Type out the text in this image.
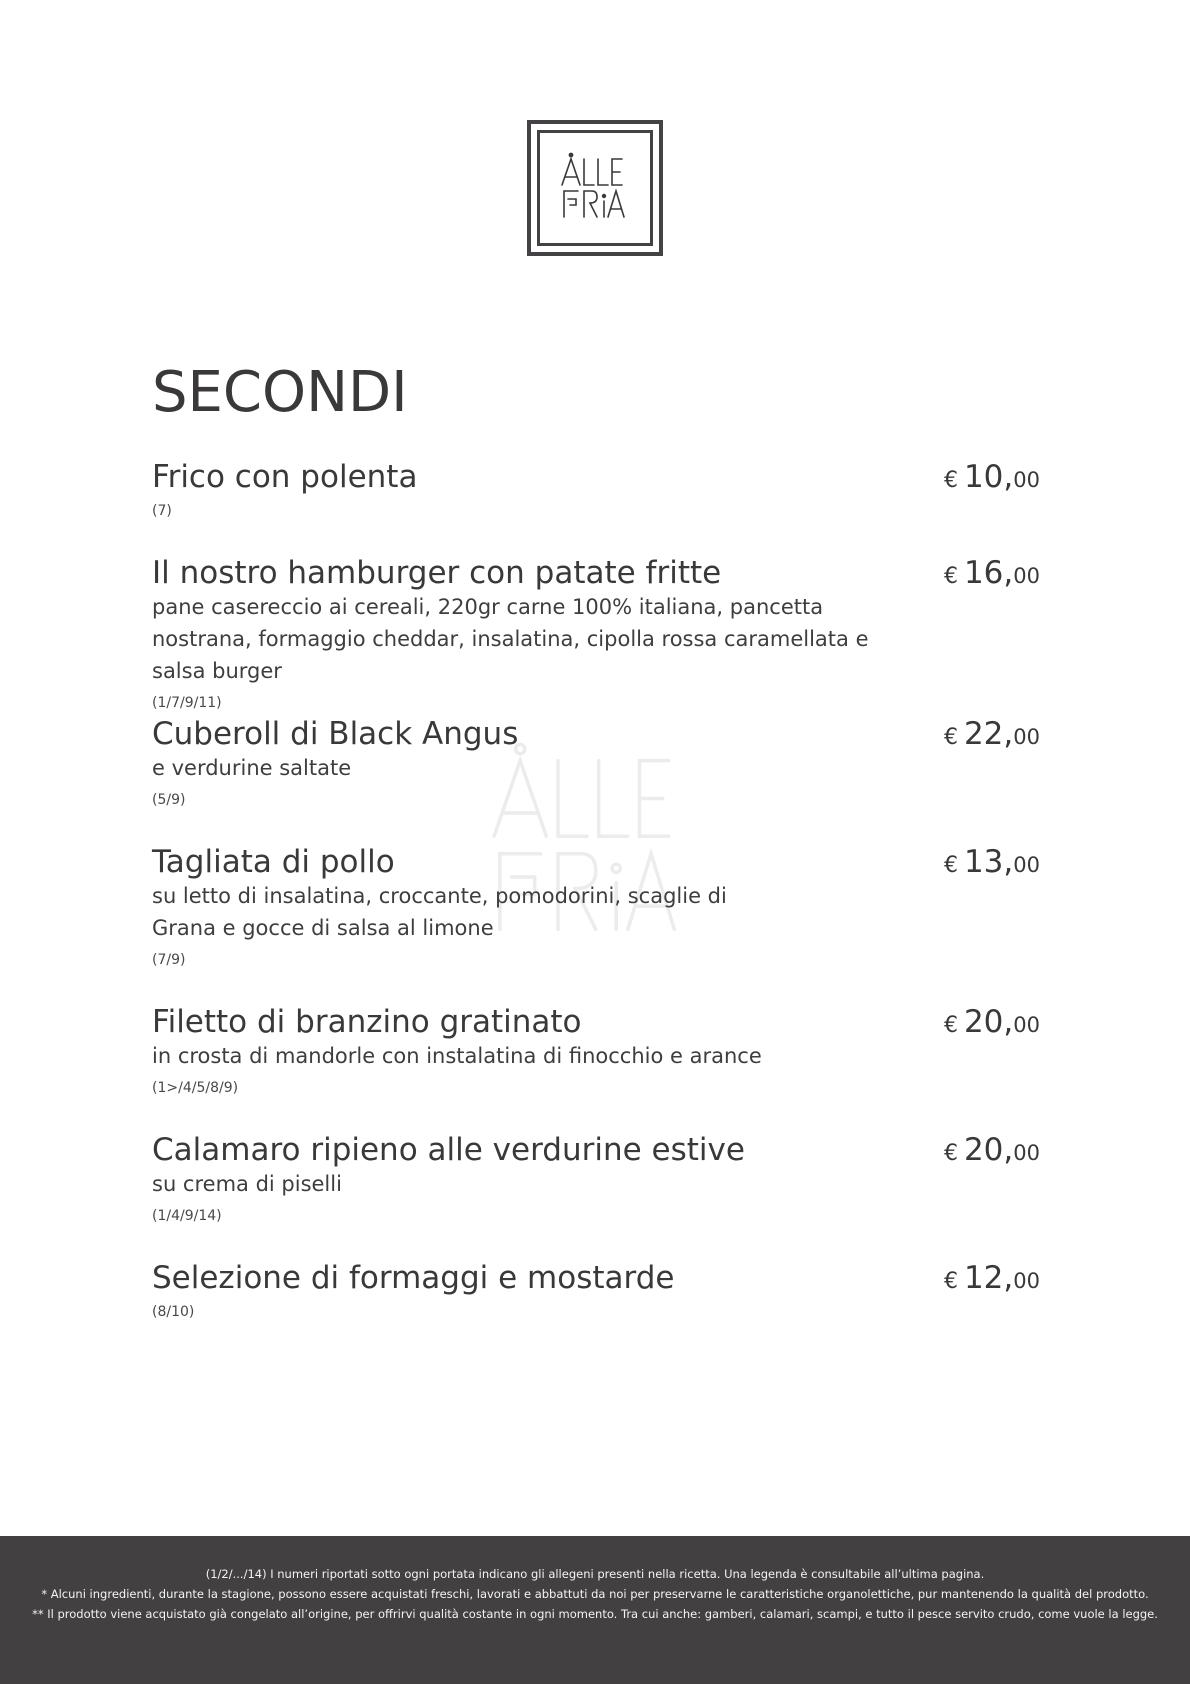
SECONDI
Frico con polenta
(7)
€ 10,00
Il nostro hamburger con patate fritte
pane casereccio ai cereali, 220gr carne 100% italiana, pancetta nostrana, formaggio cheddar, insalatina, cipolla rossa caramellata e salsa burger
(1/7/9/11)
€ 16,00
Cuberoll di Black Angus
e verdurine saltate
(5/9)
€ 22,00
Tagliata di pollo
su letto di insalatina, croccante, pomodorini, scaglie di Grana e gocce di salsa al limone
(7/9)
€ 13,00
Filetto di branzino gratinato
in crosta di mandorle con instalatina di finocchio e arance
(1>/4/5/8/9)
€ 20,00
Calamaro ripieno alle verdurine estive
su crema di piselli
(1/4/9/14)
€ 20,00
Selezione di formaggi e mostarde
(8/10)
€ 12,00
(1/2/.../14) I numeri riportati sotto ogni portata indicano gli allegeni presenti nella ricetta. Una legenda è consultabile all’ultima pagina.
* Alcuni ingredienti, durante la stagione, possono essere acquistati freschi, lavorati e abbattuti da noi per preservarne le caratteristiche organolettiche, pur mantenendo la qualità del prodotto.
** Il prodotto viene acquistato già congelato all’origine, per offrirvi qualità costante in ogni momento. Tra cui anche: gamberi, calamari, scampi, e tutto il pesce servito crudo, come vuole la legge.
